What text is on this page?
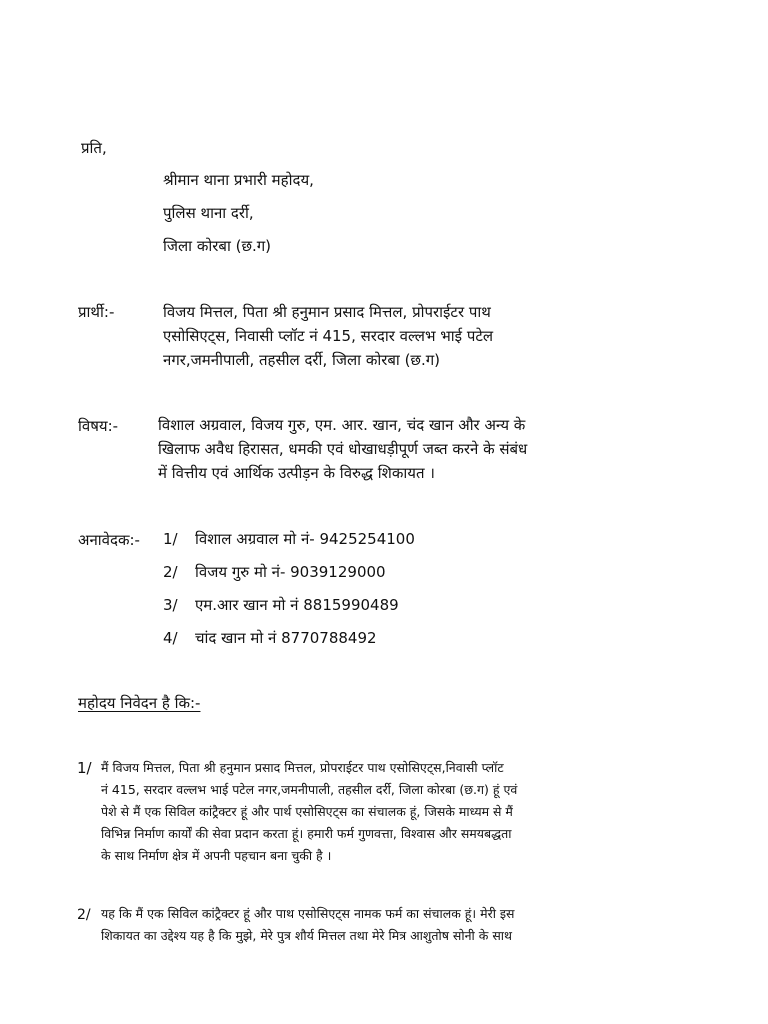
प्रति,
श्रीमान थाना प्रभारी महोदय,
पुलिस थाना दर्री,
जिला कोरबा (छ.ग)
प्रार्थी:-	विजय मित्तल, पिता श्री हनुमान प्रसाद मित्तल, प्रोपराईटर पाथ
एसोसिएट्स, निवासी प्लॉट नं 415, सरदार वल्लभ भाई पटेल
नगर,जमनीपाली, तहसील दर्री, जिला कोरबा (छ.ग)
विषय:-	विशाल अग्रवाल, विजय गुरु, एम. आर. खान, चंद खान और अन्य के
खिलाफ अवैध हिरासत, धमकी एवं धोखाधड़ीपूर्ण जब्त करने के संबंध
में वित्तीय एवं आर्थिक उत्पीड़न के विरुद्ध शिकायत ।
अनावेदक:- 1/ विशाल अग्रवाल मो नं- 9425254100
2/ विजय गुरु मो नं- 9039129000
3/ एम.आर खान मो नं 8815990489
4/ चांद खान मो नं 8770788492
महोदय निवेदन है कि:-
1/ मैं विजय मित्तल, पिता श्री हनुमान प्रसाद मित्तल, प्रोपराईटर पाथ एसोसिएट्स,निवासी प्लॉट
नं 415, सरदार वल्लभ भाई पटेल नगर,जमनीपाली, तहसील दर्री, जिला कोरबा (छ.ग) हूं एवं
पेशे से मैं एक सिविल कांट्रैक्टर हूं और पार्थ एसोसिएट्स का संचालक हूं, जिसके माध्यम से मैं
विभिन्न निर्माण कार्यों की सेवा प्रदान करता हूं। हमारी फर्म गुणवत्ता, विश्वास और समयबद्धता
के साथ निर्माण क्षेत्र में अपनी पहचान बना चुकी है ।
2/ यह कि मैं एक सिविल कांट्रैक्टर हूं और पाथ एसोसिएट्स नामक फर्म का संचालक हूं। मेरी इस
शिकायत का उद्देश्य यह है कि मुझे, मेरे पुत्र शौर्य मित्तल तथा मेरे मित्र आशुतोष सोनी के साथ
